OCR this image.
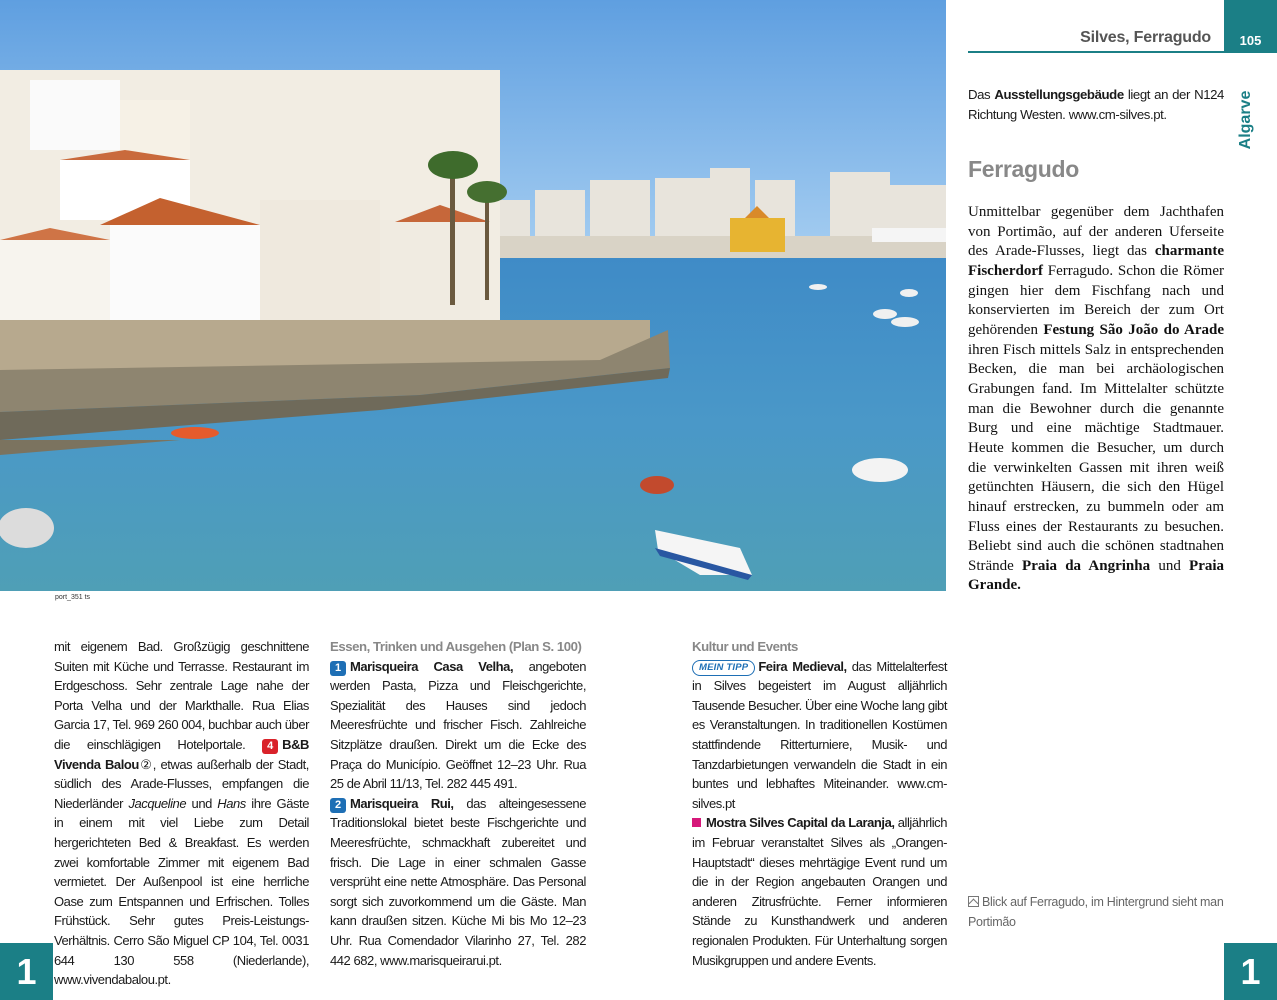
port_351 ts
Silves, Ferragudo 105
Algarve
Das Ausstellungsgebäude liegt an der N124 Richtung Westen. www.cm-silves.pt.
Ferragudo
Unmittelbar gegenüber dem Jachthafen von Portimão, auf der anderen Uferseite des Arade-Flusses, liegt das charmante Fischerdorf Ferragudo. Schon die Römer gingen hier dem Fischfang nach und konservierten im Bereich der zum Ort gehörenden Festung São João do Arade ihren Fisch mittels Salz in entsprechenden Becken, die man bei archäologischen Grabungen fand. Im Mittelalter schützte man die Bewohner durch die genannte Burg und eine mächtige Stadtmauer. Heute kommen die Besucher, um durch die verwinkelten Gassen mit ihren weiß getünchten Häusern, die sich den Hügel hinauf erstrecken, zu bummeln oder am Fluss eines der Restaurants zu besuchen. Beliebt sind auch die schönen stadtnahen Strände Praia da Angrinha und Praia Grande.
Blick auf Ferragudo, im Hintergrund sieht man Portimão
mit eigenem Bad. Großzügig geschnittene Suiten mit Küche und Terrasse. Restaurant im Erdgeschoss. Sehr zentrale Lage nahe der Porta Velha und der Markthalle. Rua Elias Garcia 17, Tel. 969 260 004, buchbar auch über die einschlägigen Hotelportale. 4 B&B Vivenda Balou②, etwas außerhalb der Stadt, südlich des Arade-Flusses, empfangen die Niederländer Jacqueline und Hans ihre Gäste in einem mit viel Liebe zum Detail hergerichteten Bed & Breakfast. Es werden zwei komfortable Zimmer mit eigenem Bad vermietet. Der Außenpool ist eine herrliche Oase zum Entspannen und Erfrischen. Tolles Frühstück. Sehr gutes Preis-Leistungs-Verhältnis. Cerro São Miguel CP 104, Tel. 0031 644 130 558 (Niederlande), www.vivendabalou.pt.
Essen, Trinken und Ausgehen (Plan S. 100)
1 Marisqueira Casa Velha, angeboten werden Pasta, Pizza und Fleischgerichte, Spezialität des Hauses sind jedoch Meeresfrüchte und frischer Fisch. Zahlreiche Sitzplätze draußen. Direkt um die Ecke des Praça do Município. Geöffnet 12–23 Uhr. Rua 25 de Abril 11/13, Tel. 282 445 491.
2 Marisqueira Rui, das alteingesessene Traditionslokal bietet beste Fischgerichte und Meeresfrüchte, schmackhaft zubereitet und frisch. Die Lage in einer schmalen Gasse versprüht eine nette Atmosphäre. Das Personal sorgt sich zuvorkommend um die Gäste. Man kann draußen sitzen. Küche Mi bis Mo 12–23 Uhr. Rua Comendador Vilarinho 27, Tel. 282 442 682, www.marisqueirarui.pt.
Kultur und Events
MEIN TIPP Feira Medieval, das Mittelalterfest in Silves begeistert im August alljährlich Tausende Besucher. Über eine Woche lang gibt es Veranstaltungen. In traditionellen Kostümen stattfindende Ritterturniere, Musik- und Tanzdarbietungen verwandeln die Stadt in ein buntes und lebhaftes Miteinander. www.cm-silves.pt
Mostra Silves Capital da Laranja, alljährlich im Februar veranstaltet Silves als „Orangen-Hauptstadt“ dieses mehrtägige Event rund um die in der Region angebauten Orangen und anderen Zitrusfrüchte. Ferner informieren Stände zu Kunsthandwerk und anderen regionalen Produkten. Für Unterhaltung sorgen Musikgruppen und andere Events.
1	1
